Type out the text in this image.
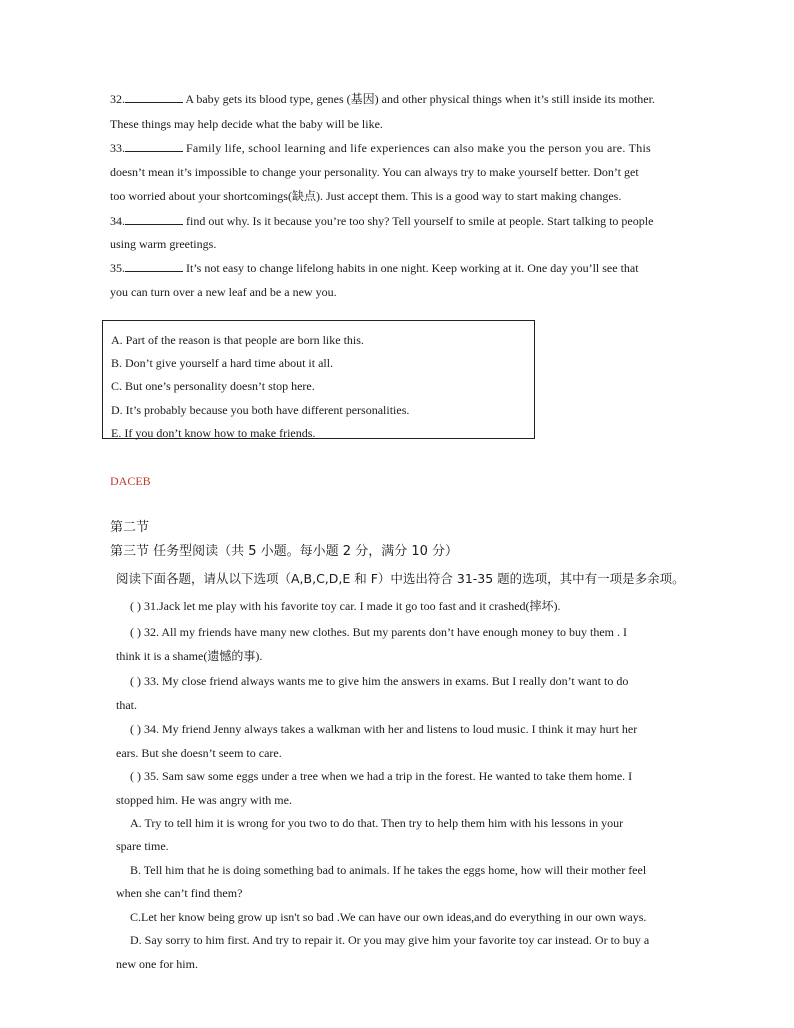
32.	A baby gets its blood type, genes (基因) and other physical things when it’s still inside its mother.
These things may help decide what the baby will be like.
33.	Family life, school learning and life experiences can also make you the person you are. This
doesn’t mean it’s impossible to change your personality. You can always try to make yourself better. Don’t get
too worried about your shortcomings(缺点). Just accept them. This is a good way to start making changes.
34.	find out why. Is it because you’re too shy? Tell yourself to smile at people. Start talking to people
using warm greetings.
35.	It’s not easy to change lifelong habits in one night. Keep working at it. One day you’ll see that
you can turn over a new leaf and be a new you.
A. Part of the reason is that people are born like this.
B. Don’t give yourself a hard time about it all.
C. But one’s personality doesn’t stop here.
D. It’s probably because you both have different personalities.
E. If you don’t know how to make friends.
DACEB
第二节
第三节 任务型阅读（共 5 小题。每小题 2 分，满分 10 分）
阅读下面各题，请从以下选项（A,B,C,D,E 和 F）中选出符合 31-35 题的选项，其中有一项是多余项。
( ) 31.Jack let me play with his favorite toy car. I made it go too fast and it crashed(摔坏).
( ) 32. All my friends have many new clothes. But my parents don’t have enough money to buy them . I
think it is a shame(遗憾的事).
( ) 33. My close friend always wants me to give him the answers in exams. But I really don’t want to do
that.
( ) 34. My friend Jenny always takes a walkman with her and listens to loud music. I think it may hurt her
ears. But she doesn’t seem to care.
( ) 35. Sam saw some eggs under a tree when we had a trip in the forest. He wanted to take them home. I
stopped him. He was angry with me.
A. Try to tell him it is wrong for you two to do that. Then try to help them him with his lessons in your
spare time.
B. Tell him that he is doing something bad to animals. If he takes the eggs home, how will their mother feel
when she can’t find them?
C.Let her know being grow up isn't so bad .We can have our own ideas,and do everything in our own ways.
D. Say sorry to him first. And try to repair it. Or you may give him your favorite toy car instead. Or to buy a
new one for him.
